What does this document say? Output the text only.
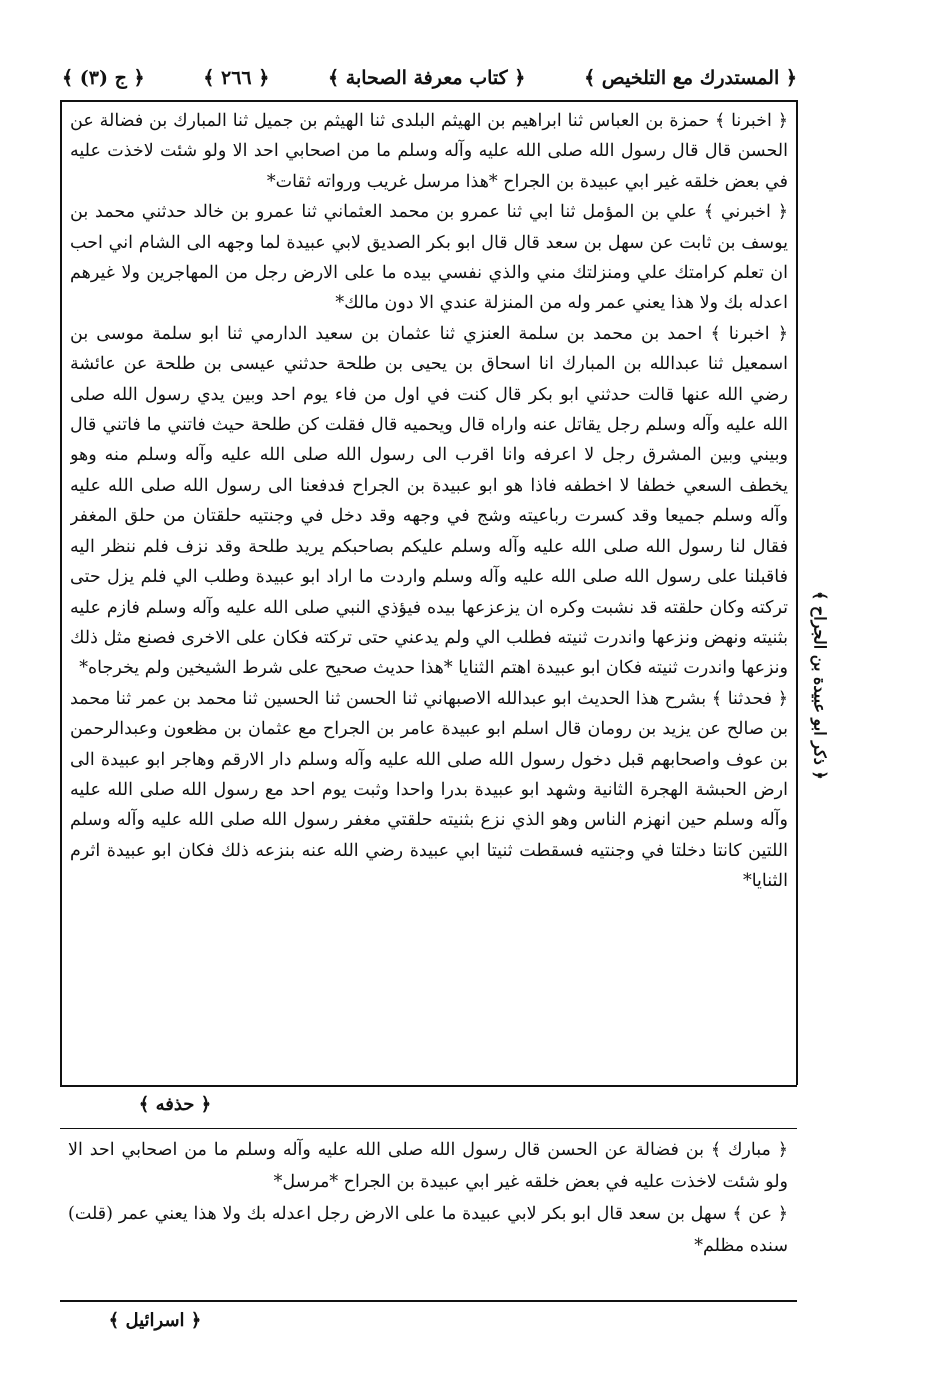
﴿ المستدرك مع التلخيص ﴾
﴿ كتاب معرفة الصحابة ﴾
﴿ ٢٦٦ ﴾
﴿ ج (٣) ﴾

﴿ اخبرنا ﴾ حمزة بن العباس ثنا ابراهيم بن الهيثم البلدى ثنا الهيثم بن جميل ثنا المبارك بن فضالة عن الحسن قال قال رسول الله صلى الله عليه وآله وسلم ما من اصحابي احد الا ولو شئت لاخذت عليه في بعض خلقه غير ابي عبيدة بن الجراح *هذا مرسل غريب ورواته ثقات*

﴿ اخبرني ﴾ علي بن المؤمل ثنا ابي ثنا عمرو بن محمد العثماني ثنا عمرو بن خالد حدثني محمد بن يوسف بن ثابت عن سهل بن سعد قال قال ابو بكر الصديق لابي عبيدة لما وجهه الى الشام اني احب ان تعلم كرامتك علي ومنزلتك مني والذي نفسي بيده ما على الارض رجل من المهاجرين ولا غيرهم اعدله بك ولا هذا يعني عمر وله من المنزلة عندي الا دون مالك*

﴿ اخبرنا ﴾ احمد بن محمد بن سلمة العنزي ثنا عثمان بن سعيد الدارمي ثنا ابو سلمة موسى بن اسمعيل ثنا عبدالله بن المبارك انا اسحاق بن يحيى بن طلحة حدثني عيسى بن طلحة عن عائشة رضي الله عنها قالت حدثني ابو بكر قال كنت في اول من فاء يوم احد وبين يدي رسول الله صلى الله عليه وآله وسلم رجل يقاتل عنه واراه قال ويحميه قال فقلت كن طلحة حيث فاتني ما فاتني قال وبيني وبين المشرق رجل لا اعرفه وانا اقرب الى رسول الله صلى الله عليه وآله وسلم منه وهو يخطف السعي خطفا لا اخطفه فاذا هو ابو عبيدة بن الجراح فدفعنا الى رسول الله صلى الله عليه وآله وسلم جميعا وقد كسرت رباعيته وشج في وجهه وقد دخل في وجنتيه حلقتان من حلق المغفر فقال لنا رسول الله صلى الله عليه وآله وسلم عليكم بصاحبكم يريد طلحة وقد نزف فلم ننظر اليه فاقبلنا على رسول الله صلى الله عليه وآله وسلم واردت ما اراد ابو عبيدة وطلب الي فلم يزل حتى تركته وكان حلقته قد نشبت وكره ان يزعزعها بيده فيؤذي النبي صلى الله عليه وآله وسلم فازم عليه بثنيته ونهض ونزعها واندرت ثنيته فطلب الي ولم يدعني حتى تركته فكان على الاخرى فصنع مثل ذلك ونزعها واندرت ثنيته فكان ابو عبيدة اهتم الثنايا *هذا حديث صحيح على شرط الشيخين ولم يخرجاه*

﴿ فحدثنا ﴾ بشرح هذا الحديث ابو عبدالله الاصبهاني ثنا الحسن ثنا الحسين ثنا محمد بن عمر ثنا محمد بن صالح عن يزيد بن رومان قال اسلم ابو عبيدة عامر بن الجراح مع عثمان بن مظعون وعبدالرحمن بن عوف واصحابهم قبل دخول رسول الله صلى الله عليه وآله وسلم دار الارقم وهاجر ابو عبيدة الى ارض الحبشة الهجرة الثانية وشهد ابو عبيدة بدرا واحدا وثبت يوم احد مع رسول الله صلى الله عليه وآله وسلم حين انهزم الناس وهو الذي نزع بثنيته حلقتي مغفر رسول الله صلى الله عليه وآله وسلم اللتين كانتا دخلتا في وجنتيه فسقطت ثنيتا ابي عبيدة رضي الله عنه بنزعه ذلك فكان ابو عبيدة اثرم الثنايا*

﴿ ذكر ابو عبيدة بن الجراح ﴾
﴿ حذفه ﴾

﴿ مبارك ﴾ بن فضالة عن الحسن قال رسول الله صلى الله عليه وآله وسلم ما من اصحابي احد الا ولو شئت لاخذت عليه في بعض خلقه غير ابي عبيدة بن الجراح *مرسل*

﴿ عن ﴾ سهل بن سعد قال ابو بكر لابي عبيدة ما على الارض رجل اعدله بك ولا هذا يعني عمر (قلت) سنده مظلم*

﴿ اسرائيل ﴾
